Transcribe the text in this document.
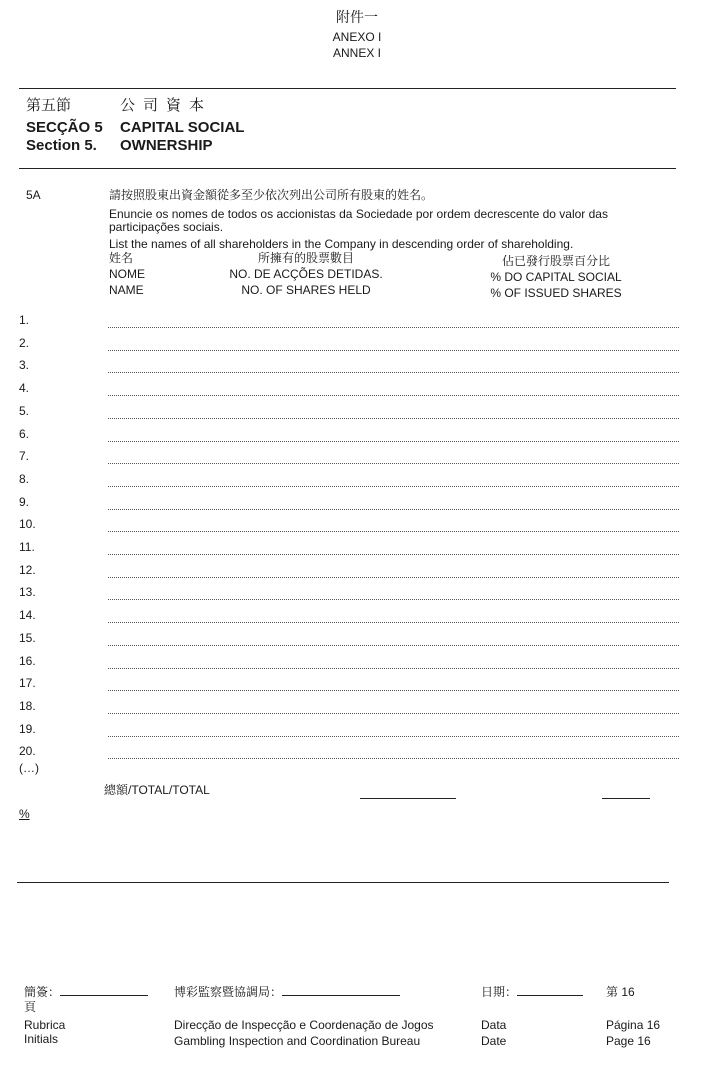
附件一
ANEXO I
ANNEX I
第五節	公司資本
SECÇÃO 5 CAPITAL SOCIAL
Section 5. OWNERSHIP
5A	請按照股東出資金額從多至少依次列出公司所有股東的姓名。
Enuncie os nomes de todos os accionistas da Sociedade por ordem decrescente do valor das
participações sociais.
List the names of all shareholders in the Company in descending order of shareholding.
姓名
NOME
NAME
所擁有的股票數目
NO. DE ACÇÕES DETIDAS.
NO. OF SHARES HELD
佔已發行股票百分比
% DO CAPITAL SOCIAL
% OF ISSUED SHARES
1.
2.
3.
4.
5.
6.
7.
8.
9.
10.
11.
12.
13.
14.
15.
16.
17.
18.
19.
20.
(…)
總額/TOTAL/TOTAL
%
簡簽：
頁
Rubrica
Initials
博彩監察暨協調局：
Direcção de Inspecção e Coordenação de Jogos
Gambling Inspection and Coordination Bureau
日期：
Data
Date
第 16
Página 16
Page 16
